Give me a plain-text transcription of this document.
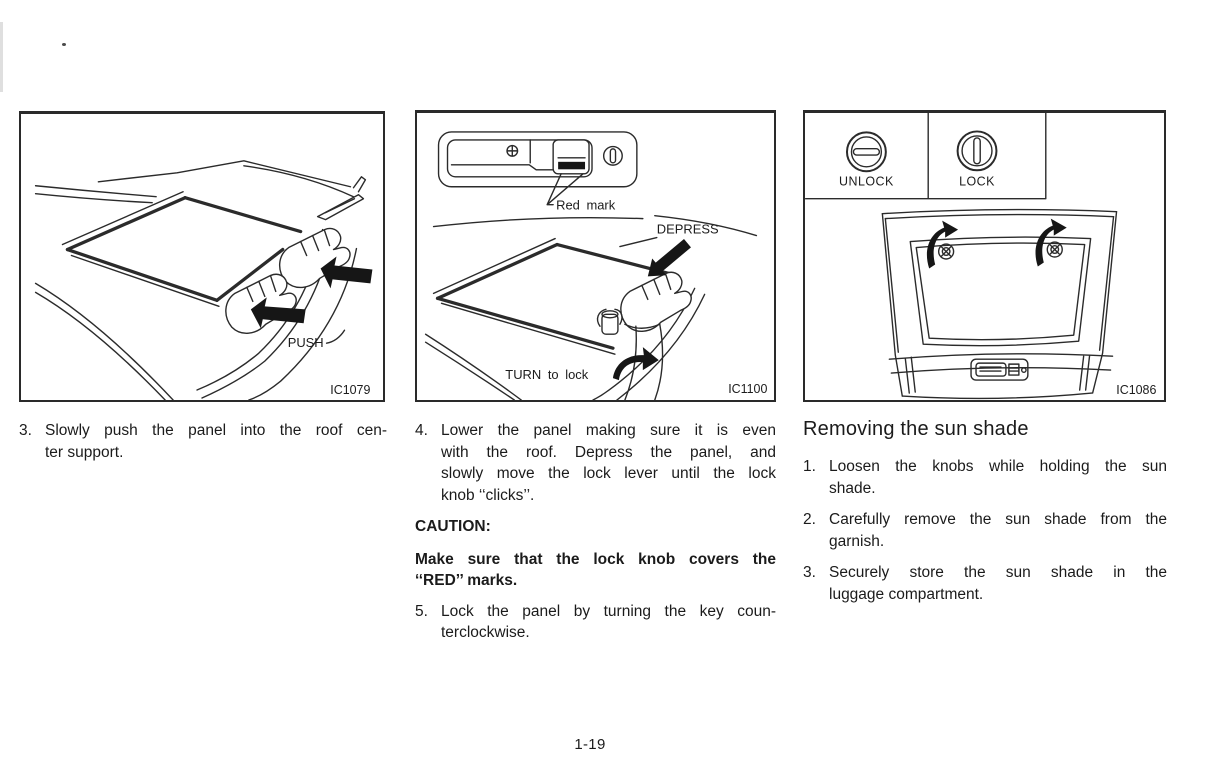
PUSH
IC1079
Red mark
DEPRESS
TURN to lock
IC1100
UNLOCK	LOCK
IC1086
3. Slowly push the panel into the roof cen-
ter support.
4. Lower the panel making sure it is even
with the roof. Depress the panel, and
slowly move the lock lever until the lock
knob ‘‘clicks’’.
CAUTION:
Make sure that the lock knob covers the
‘‘RED’’ marks.
5. Lock the panel by turning the key coun-
terclockwise.
Removing the sun shade
1. Loosen the knobs while holding the sun
shade.
2. Carefully remove the sun shade from the
garnish.
3. Securely store the sun shade in the
luggage compartment.
1-19
